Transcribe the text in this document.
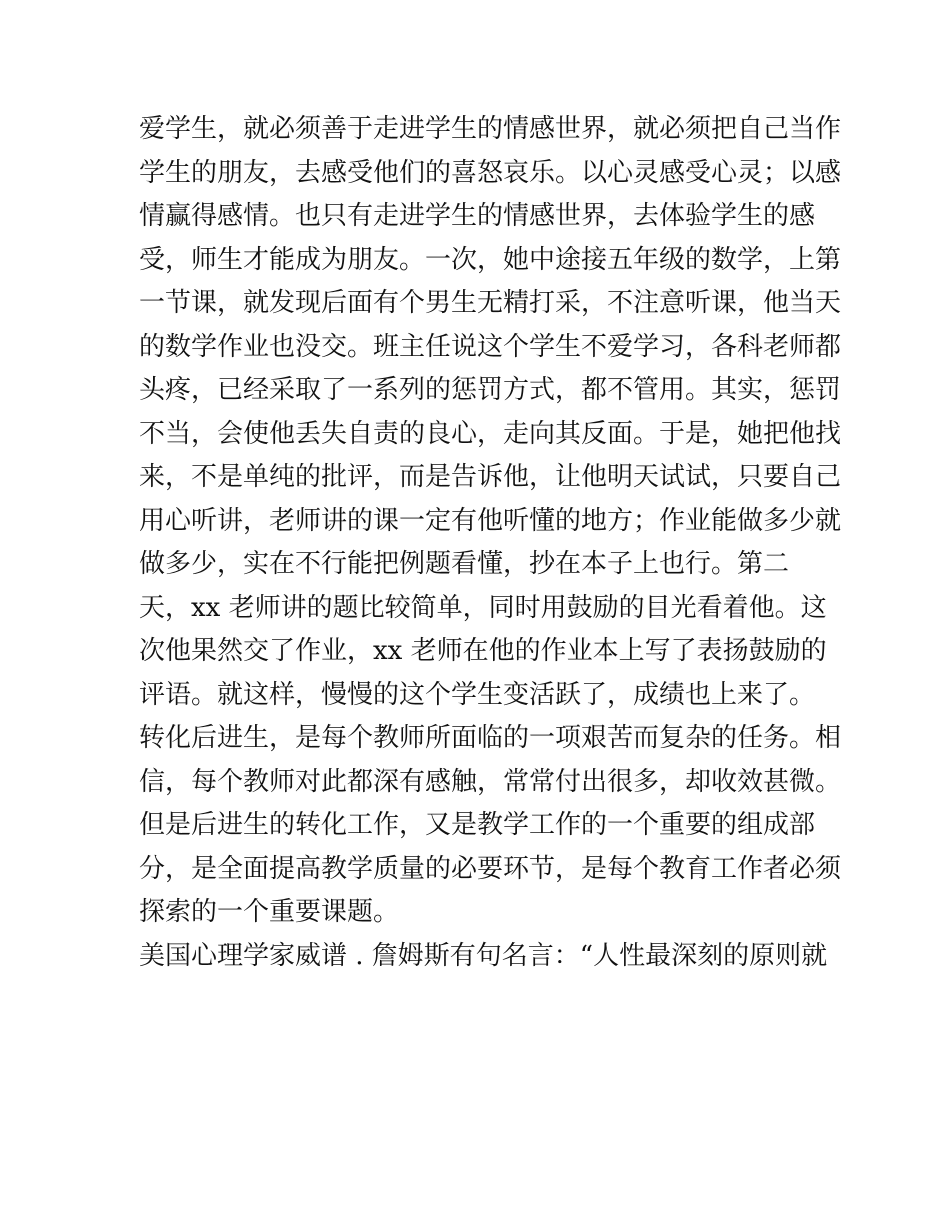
爱学生，就必须善于走进学生的情感世界，就必须把自己当作
学生的朋友，去感受他们的喜怒哀乐。以心灵感受心灵；以感
情赢得感情。也只有走进学生的情感世界，去体验学生的感
受，师生才能成为朋友。一次，她中途接五年级的数学，上第
一节课，就发现后面有个男生无精打采，不注意听课，他当天
的数学作业也没交。班主任说这个学生不爱学习，各科老师都
头疼，已经采取了一系列的惩罚方式，都不管用。其实，惩罚
不当，会使他丢失自责的良心，走向其反面。于是，她把他找
来，不是单纯的批评，而是告诉他，让他明天试试，只要自己
用心听讲，老师讲的课一定有他听懂的地方；作业能做多少就
做多少，实在不行能把例题看懂，抄在本子上也行。第二
天，xx 老师讲的题比较简单，同时用鼓励的目光看着他。这
次他果然交了作业，xx 老师在他的作业本上写了表扬鼓励的
评语。就这样，慢慢的这个学生变活跃了，成绩也上来了。
转化后进生，是每个教师所面临的一项艰苦而复杂的任务。相
信，每个教师对此都深有感触，常常付出很多，却收效甚微。
但是后进生的转化工作，又是教学工作的一个重要的组成部
分，是全面提高教学质量的必要环节，是每个教育工作者必须
探索的一个重要课题。
美国心理学家威谱 . 詹姆斯有句名言：“人性最深刻的原则就
